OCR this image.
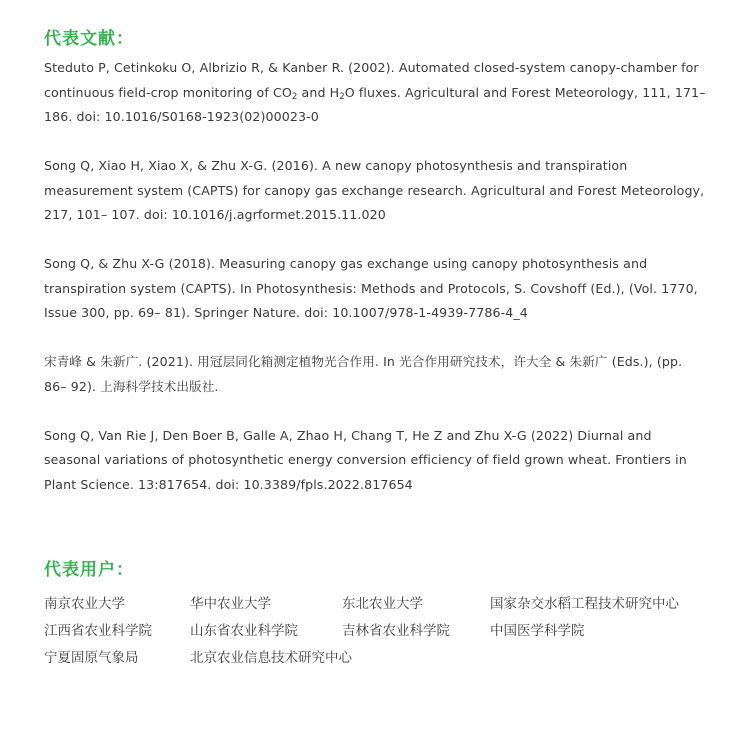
代表文献：

Steduto P, Cetinkoku O, Albrizio R, & Kanber R. (2002). Automated closed-system canopy-chamber for continuous field-crop monitoring of $CO_2$ and $H_2O$ fluxes. Agricultural and Forest Meteorology, 111, 171– 186. doi: 10.1016/S0168-1923(02)00023-0

Song Q, Xiao H, Xiao X, & Zhu X-G. (2016). A new canopy photosynthesis and transpiration measurement system (CAPTS) for canopy gas exchange research. Agricultural and Forest Meteorology, 217, 101– 107. doi: 10.1016/j.agrformet.2015.11.020

Song Q, & Zhu X-G (2018). Measuring canopy gas exchange using canopy photosynthesis and transpiration system (CAPTS). In Photosynthesis: Methods and Protocols, S. Covshoff (Ed.), (Vol. 1770, Issue 300, pp. 69– 81). Springer Nature. doi: 10.1007/978-1-4939-7786-4_4

宋青峰 & 朱新广. (2021). 用冠层同化箱测定植物光合作用. In 光合作用研究技术，许大全 & 朱新广 (Eds.), (pp. 86– 92). 上海科学技术出版社.

Song Q, Van Rie J, Den Boer B, Galle A, Zhao H, Chang T, He Z and Zhu X-G (2022) Diurnal and seasonal variations of photosynthetic energy conversion efficiency of field grown wheat. Frontiers in Plant Science. 13:817654. doi: 10.3389/fpls.2022.817654

代表用户：
南京农业大学	华中农业大学	东北农业大学	国家杂交水稻工程技术研究中心
江西省农业科学院	山东省农业科学院	吉林省农业科学院	中国医学科学院
宁夏固原气象局	北京农业信息技术研究中心
